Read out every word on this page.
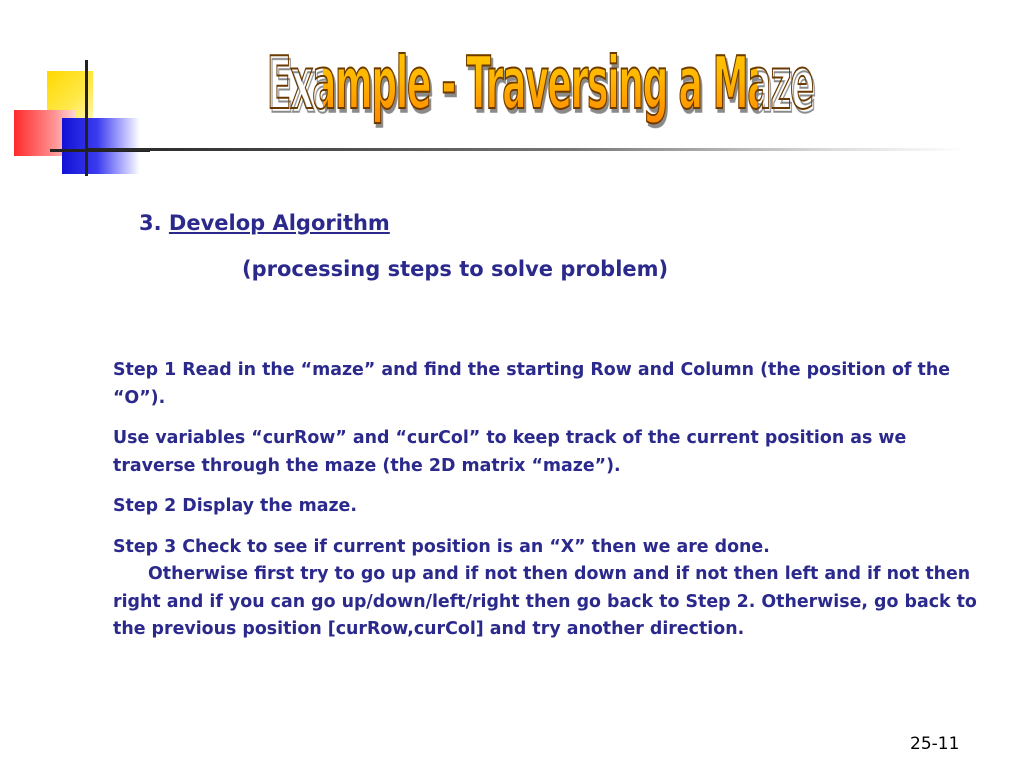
Example - Traversing a Maze
3. Develop Algorithm
(processing steps to solve problem)

Step 1 Read in the “maze” and find the starting Row and Column (the position of the “O”).

Use variables “curRow” and “curCol” to keep track of the current position as we traverse through the maze (the 2D matrix “maze”).

Step 2 Display the maze.

Step 3 Check to see if current position is an “X” then we are done.
Otherwise first try to go up and if not then down and if not then left and if not then right and if you can go up/down/left/right then go back to Step 2. Otherwise, go back to the previous position [curRow,curCol] and try another direction.

25-11
